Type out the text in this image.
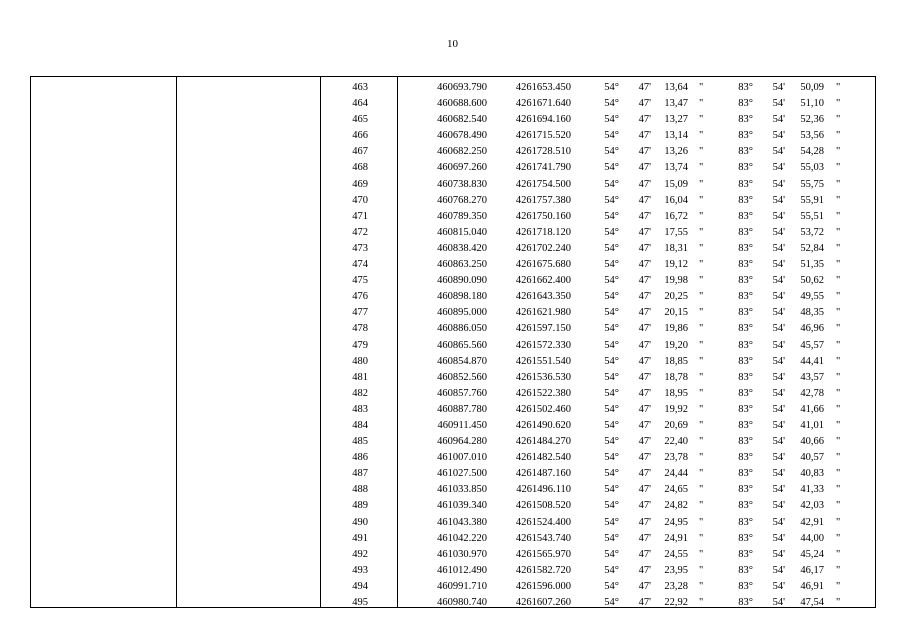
10
463	460693.790	4261653.450	54°	47'	13,64 "	83°	54'	50,09 "
464	460688.600	4261671.640	54°	47'	13,47 "	83°	54'	51,10 "
465	460682.540	4261694.160	54°	47'	13,27 "	83°	54'	52,36 "
466	460678.490	4261715.520	54°	47'	13,14 "	83°	54'	53,56 "
467	460682.250	4261728.510	54°	47'	13,26 "	83°	54'	54,28 "
468	460697.260	4261741.790	54°	47'	13,74 "	83°	54'	55,03 "
469	460738.830	4261754.500	54°	47'	15,09 "	83°	54'	55,75 "
470	460768.270	4261757.380	54°	47'	16,04 "	83°	54'	55,91 "
471	460789.350	4261750.160	54°	47'	16,72 "	83°	54'	55,51 "
472	460815.040	4261718.120	54°	47'	17,55 "	83°	54'	53,72 "
473	460838.420	4261702.240	54°	47'	18,31 "	83°	54'	52,84 "
474	460863.250	4261675.680	54°	47'	19,12 "	83°	54'	51,35 "
475	460890.090	4261662.400	54°	47'	19,98 "	83°	54'	50,62 "
476	460898.180	4261643.350	54°	47'	20,25 "	83°	54'	49,55 "
477	460895.000	4261621.980	54°	47'	20,15 "	83°	54'	48,35 "
478	460886.050	4261597.150	54°	47'	19,86 "	83°	54'	46,96 "
479	460865.560	4261572.330	54°	47'	19,20 "	83°	54'	45,57 "
480	460854.870	4261551.540	54°	47'	18,85 "	83°	54'	44,41 "
481	460852.560	4261536.530	54°	47'	18,78 "	83°	54'	43,57 "
482	460857.760	4261522.380	54°	47'	18,95 "	83°	54'	42,78 "
483	460887.780	4261502.460	54°	47'	19,92 "	83°	54'	41,66 "
484	460911.450	4261490.620	54°	47'	20,69 "	83°	54'	41,01 "
485	460964.280	4261484.270	54°	47'	22,40 "	83°	54'	40,66 "
486	461007.010	4261482.540	54°	47'	23,78 "	83°	54'	40,57 "
487	461027.500	4261487.160	54°	47'	24,44 "	83°	54'	40,83 "
488	461033.850	4261496.110	54°	47'	24,65 "	83°	54'	41,33 "
489	461039.340	4261508.520	54°	47'	24,82 "	83°	54'	42,03 "
490	461043.380	4261524.400	54°	47'	24,95 "	83°	54'	42,91 "
491	461042.220	4261543.740	54°	47'	24,91 "	83°	54'	44,00 "
492	461030.970	4261565.970	54°	47'	24,55 "	83°	54'	45,24 "
493	461012.490	4261582.720	54°	47'	23,95 "	83°	54'	46,17 "
494	460991.710	4261596.000	54°	47'	23,28 "	83°	54'	46,91 "
495	460980.740	4261607.260	54°	47'	22,92 "	83°	54'	47,54 "
